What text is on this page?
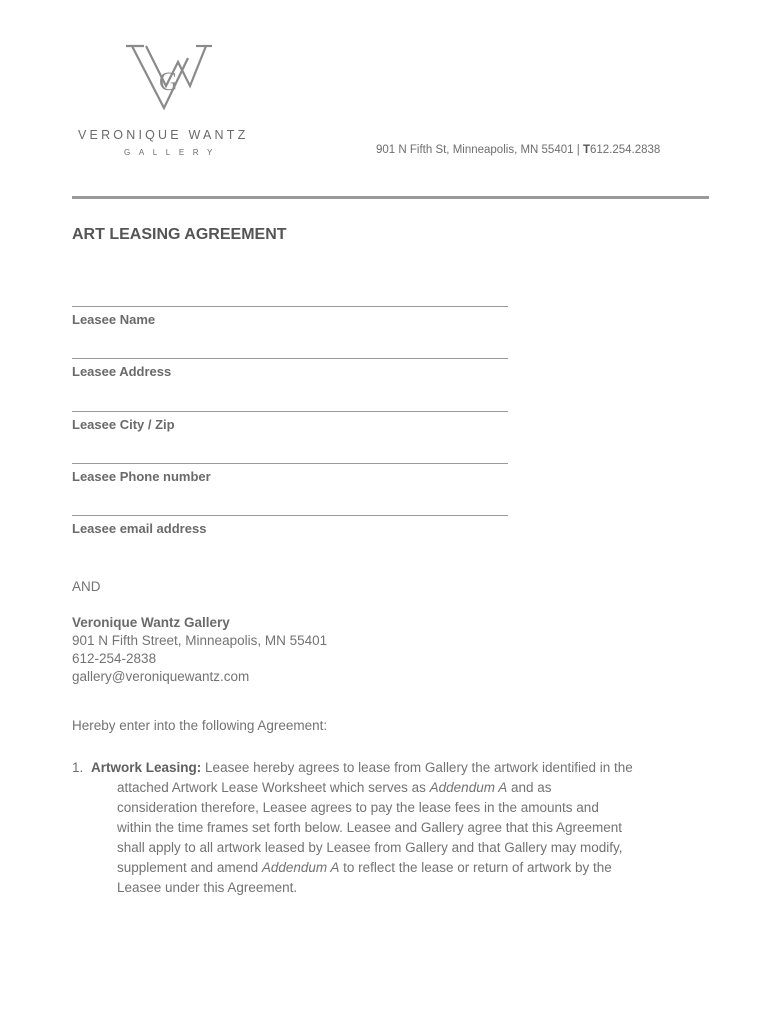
G
VERONIQUE WANTZ
GALLERY	901 N Fifth St, Minneapolis, MN 55401 | T612.254.2838
ART LEASING AGREEMENT
Leasee Name
Leasee Address
Leasee City / Zip
Leasee Phone number
Leasee email address
AND
Veronique Wantz Gallery
901 N Fifth Street, Minneapolis, MN 55401
612-254-2838
gallery@veroniquewantz.com
Hereby enter into the following Agreement:
1. Artwork Leasing: Leasee hereby agrees to lease from Gallery the artwork identified in the
attached Artwork Lease Worksheet which serves as Addendum A and as
consideration therefore, Leasee agrees to pay the lease fees in the amounts and
within the time frames set forth below. Leasee and Gallery agree that this Agreement
shall apply to all artwork leased by Leasee from Gallery and that Gallery may modify,
supplement and amend Addendum A to reflect the lease or return of artwork by the
Leasee under this Agreement.
